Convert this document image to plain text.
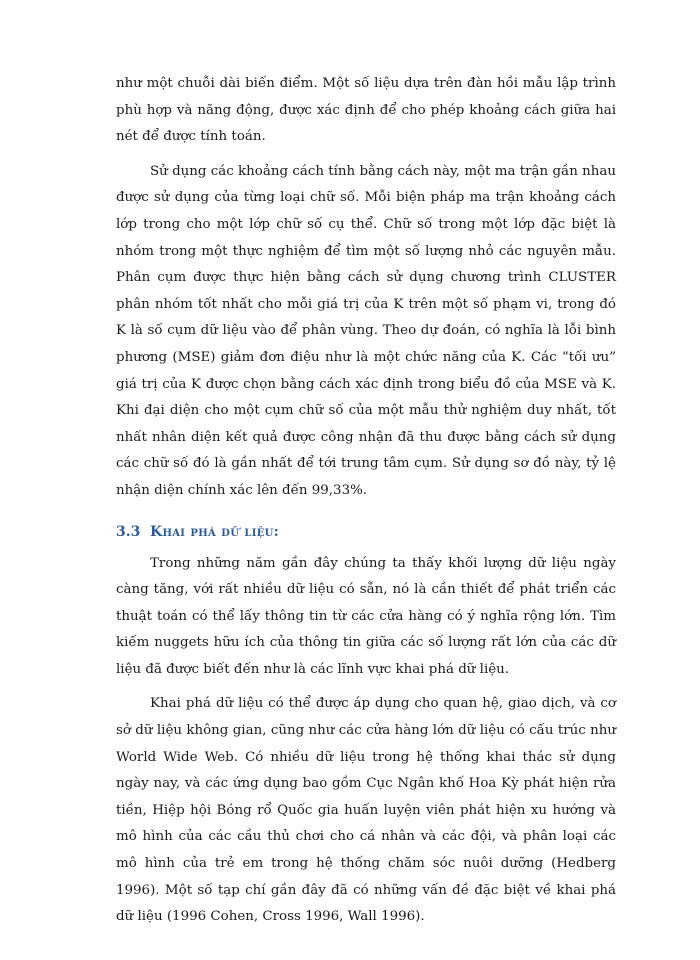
như một chuỗi dài biến điểm. Một số liệu dựa trên đàn hồi mẫu lập trình phù hợp và năng động, được xác định để cho phép khoảng cách giữa hai nét để được tính toán.

Sử dụng các khoảng cách tính bằng cách này, một ma trận gần nhau được sử dụng của từng loại chữ số. Mỗi biện pháp ma trận khoảng cách lớp trong cho một lớp chữ số cụ thể. Chữ số trong một lớp đặc biệt là nhóm trong một thực nghiệm để tìm một số lượng nhỏ các nguyên mẫu. Phân cụm được thực hiện bằng cách sử dụng chương trình CLUSTER phân nhóm tốt nhất cho mỗi giá trị của K trên một số phạm vi, trong đó K là số cụm dữ liệu vào để phân vùng. Theo dự đoán, có nghĩa là lỗi bình phương (MSE) giảm đơn điệu như là một chức năng của K. Các “tối ưu” giá trị của K được chọn bằng cách xác định trong biểu đồ của MSE và K. Khi đại diện cho một cụm chữ số của một mẫu thử nghiệm duy nhất, tốt nhất nhân diện kết quả được công nhận đã thu được bằng cách sử dụng các chữ số đó là gần nhất để tới trung tâm cụm. Sử dụng sơ đồ này, tỷ lệ nhận diện chính xác lên đến 99,33%.

3.3 Khai phá dữ liệu:

Trong những năm gần đây chúng ta thấy khối lượng dữ liệu ngày càng tăng, với rất nhiều dữ liệu có sẵn, nó là cần thiết để phát triển các thuật toán có thể lấy thông tin từ các cửa hàng có ý nghĩa rộng lớn. Tìm kiếm nuggets hữu ích của thông tin giữa các số lượng rất lớn của các dữ liệu đã được biết đến như là các lĩnh vực khai phá dữ liệu.

Khai phá dữ liệu có thể được áp dụng cho quan hệ, giao dịch, và cơ sở dữ liệu không gian, cũng như các cửa hàng lớn dữ liệu có cấu trúc như World Wide Web. Có nhiều dữ liệu trong hệ thống khai thác sử dụng ngày nay, và các ứng dụng bao gồm Cục Ngân khố Hoa Kỳ phát hiện rửa tiền, Hiệp hội Bóng rổ Quốc gia huấn luyện viên phát hiện xu hướng và mô hình của các cầu thủ chơi cho cá nhân và các đội, và phân loại các mô hình của trẻ em trong hệ thống chăm sóc nuôi dưỡng (Hedberg 1996). Một số tạp chí gần đây đã có những vấn đề đặc biệt về khai phá dữ liệu (1996 Cohen, Cross 1996, Wall 1996).
